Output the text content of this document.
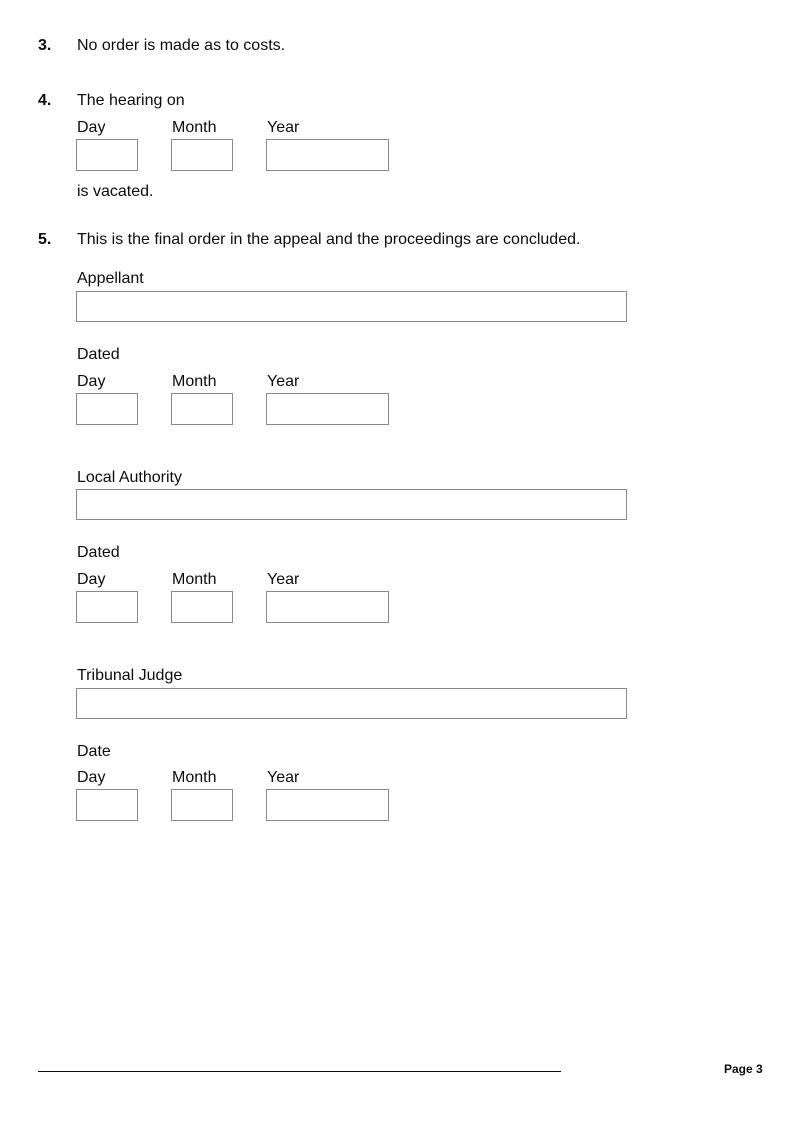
3. No order is made as to costs.
4. The hearing on
Day	Month	Year
is vacated.
5. This is the final order in the appeal and the proceedings are concluded.
Appellant
Dated
Day	Month	Year
Local Authority
Dated
Day	Month	Year
Tribunal Judge
Date
Day	Month	Year
Page 3
